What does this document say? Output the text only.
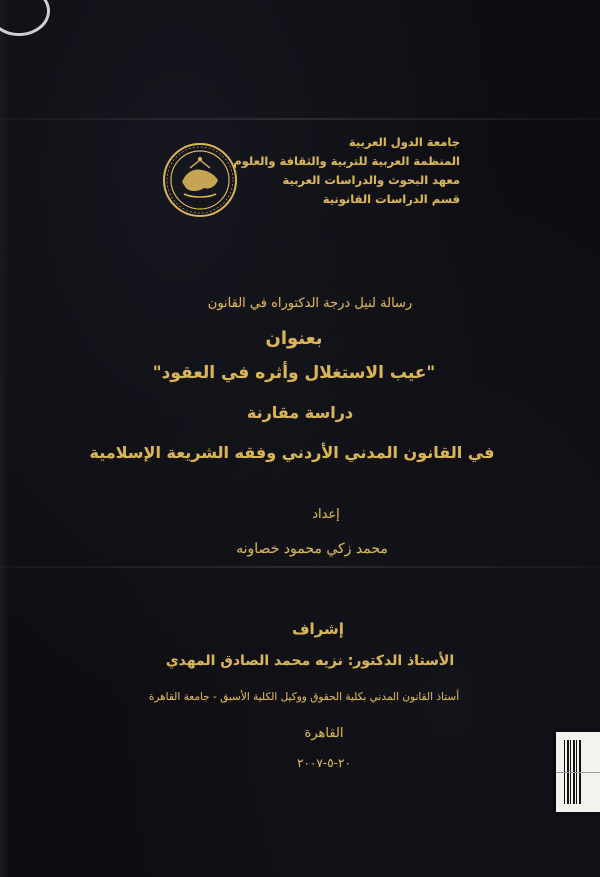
جامعة الدول العربية
المنظمة العربية للتربية والثقافة والعلوم
معهد البحوث والدراسات العربية
قسم الدراسات القانونية
رسالة لنيل درجة الدكتوراه في القانون
بعنوان
"عيب الاستغلال وأثره في العقود"
دراسة مقارنة
في القانون المدني الأردني وفقه الشريعة الإسلامية
إعداد
محمد زكي محمود خصاونه
إشراف
الأستاذ الدكتور: نزيه محمد الصادق المهدي
أستاذ القانون المدني بكلية الحقوق ووكيل الكلية الأسبق - جامعة القاهرة
القاهرة
٢٠-٥-٢٠٠٧
